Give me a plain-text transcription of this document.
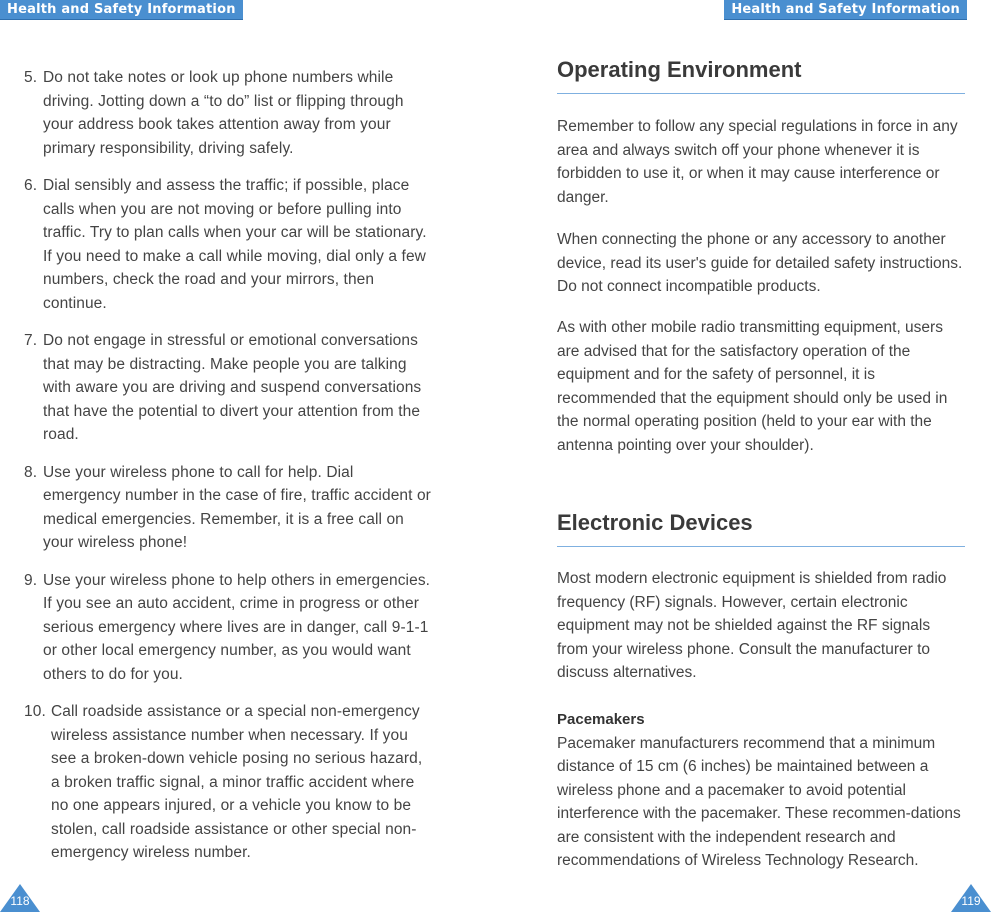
Health and Safety Information
5. Do not take notes or look up phone numbers while driving. Jotting down a “to do” list or flipping through your address book takes attention away from your primary responsibility, driving safely.
6. Dial sensibly and assess the traffic; if possible, place calls when you are not moving or before pulling into traffic. Try to plan calls when your car will be stationary. If you need to make a call while moving, dial only a few numbers, check the road and your mirrors, then continue.
7. Do not engage in stressful or emotional conversations that may be distracting. Make people you are talking with aware you are driving and suspend conversations that have the potential to divert your attention from the road.
8. Use your wireless phone to call for help. Dial emergency number in the case of fire, traffic accident or medical emergencies. Remember, it is a free call on your wireless phone!
9. Use your wireless phone to help others in emergencies. If you see an auto accident, crime in progress or other serious emergency where lives are in danger, call 9-1-1 or other local emergency number, as you would want others to do for you.
10. Call roadside assistance or a special non-emergency wireless assistance number when necessary. If you see a broken-down vehicle posing no serious hazard, a broken traffic signal, a minor traffic accident where no one appears injured, or a vehicle you know to be stolen, call roadside assistance or other special non-emergency wireless number.
118
Health and Safety Information
Operating Environment

Remember to follow any special regulations in force in any area and always switch off your phone whenever it is forbidden to use it, or when it may cause interference or danger.

When connecting the phone or any accessory to another device, read its user's guide for detailed safety instructions. Do not connect incompatible products.

As with other mobile radio transmitting equipment, users are advised that for the satisfactory operation of the equipment and for the safety of personnel, it is recommended that the equipment should only be used in the normal operating position (held to your ear with the antenna pointing over your shoulder).

Electronic Devices

Most modern electronic equipment is shielded from radio frequency (RF) signals. However, certain electronic equipment may not be shielded against the RF signals from your wireless phone. Consult the manufacturer to discuss alternatives.

Pacemakers
Pacemaker manufacturers recommend that a minimum distance of 15 cm (6 inches) be maintained between a wireless phone and a pacemaker to avoid potential interference with the pacemaker. These recommen-dations are consistent with the independent research and recommendations of Wireless Technology Research.

119
